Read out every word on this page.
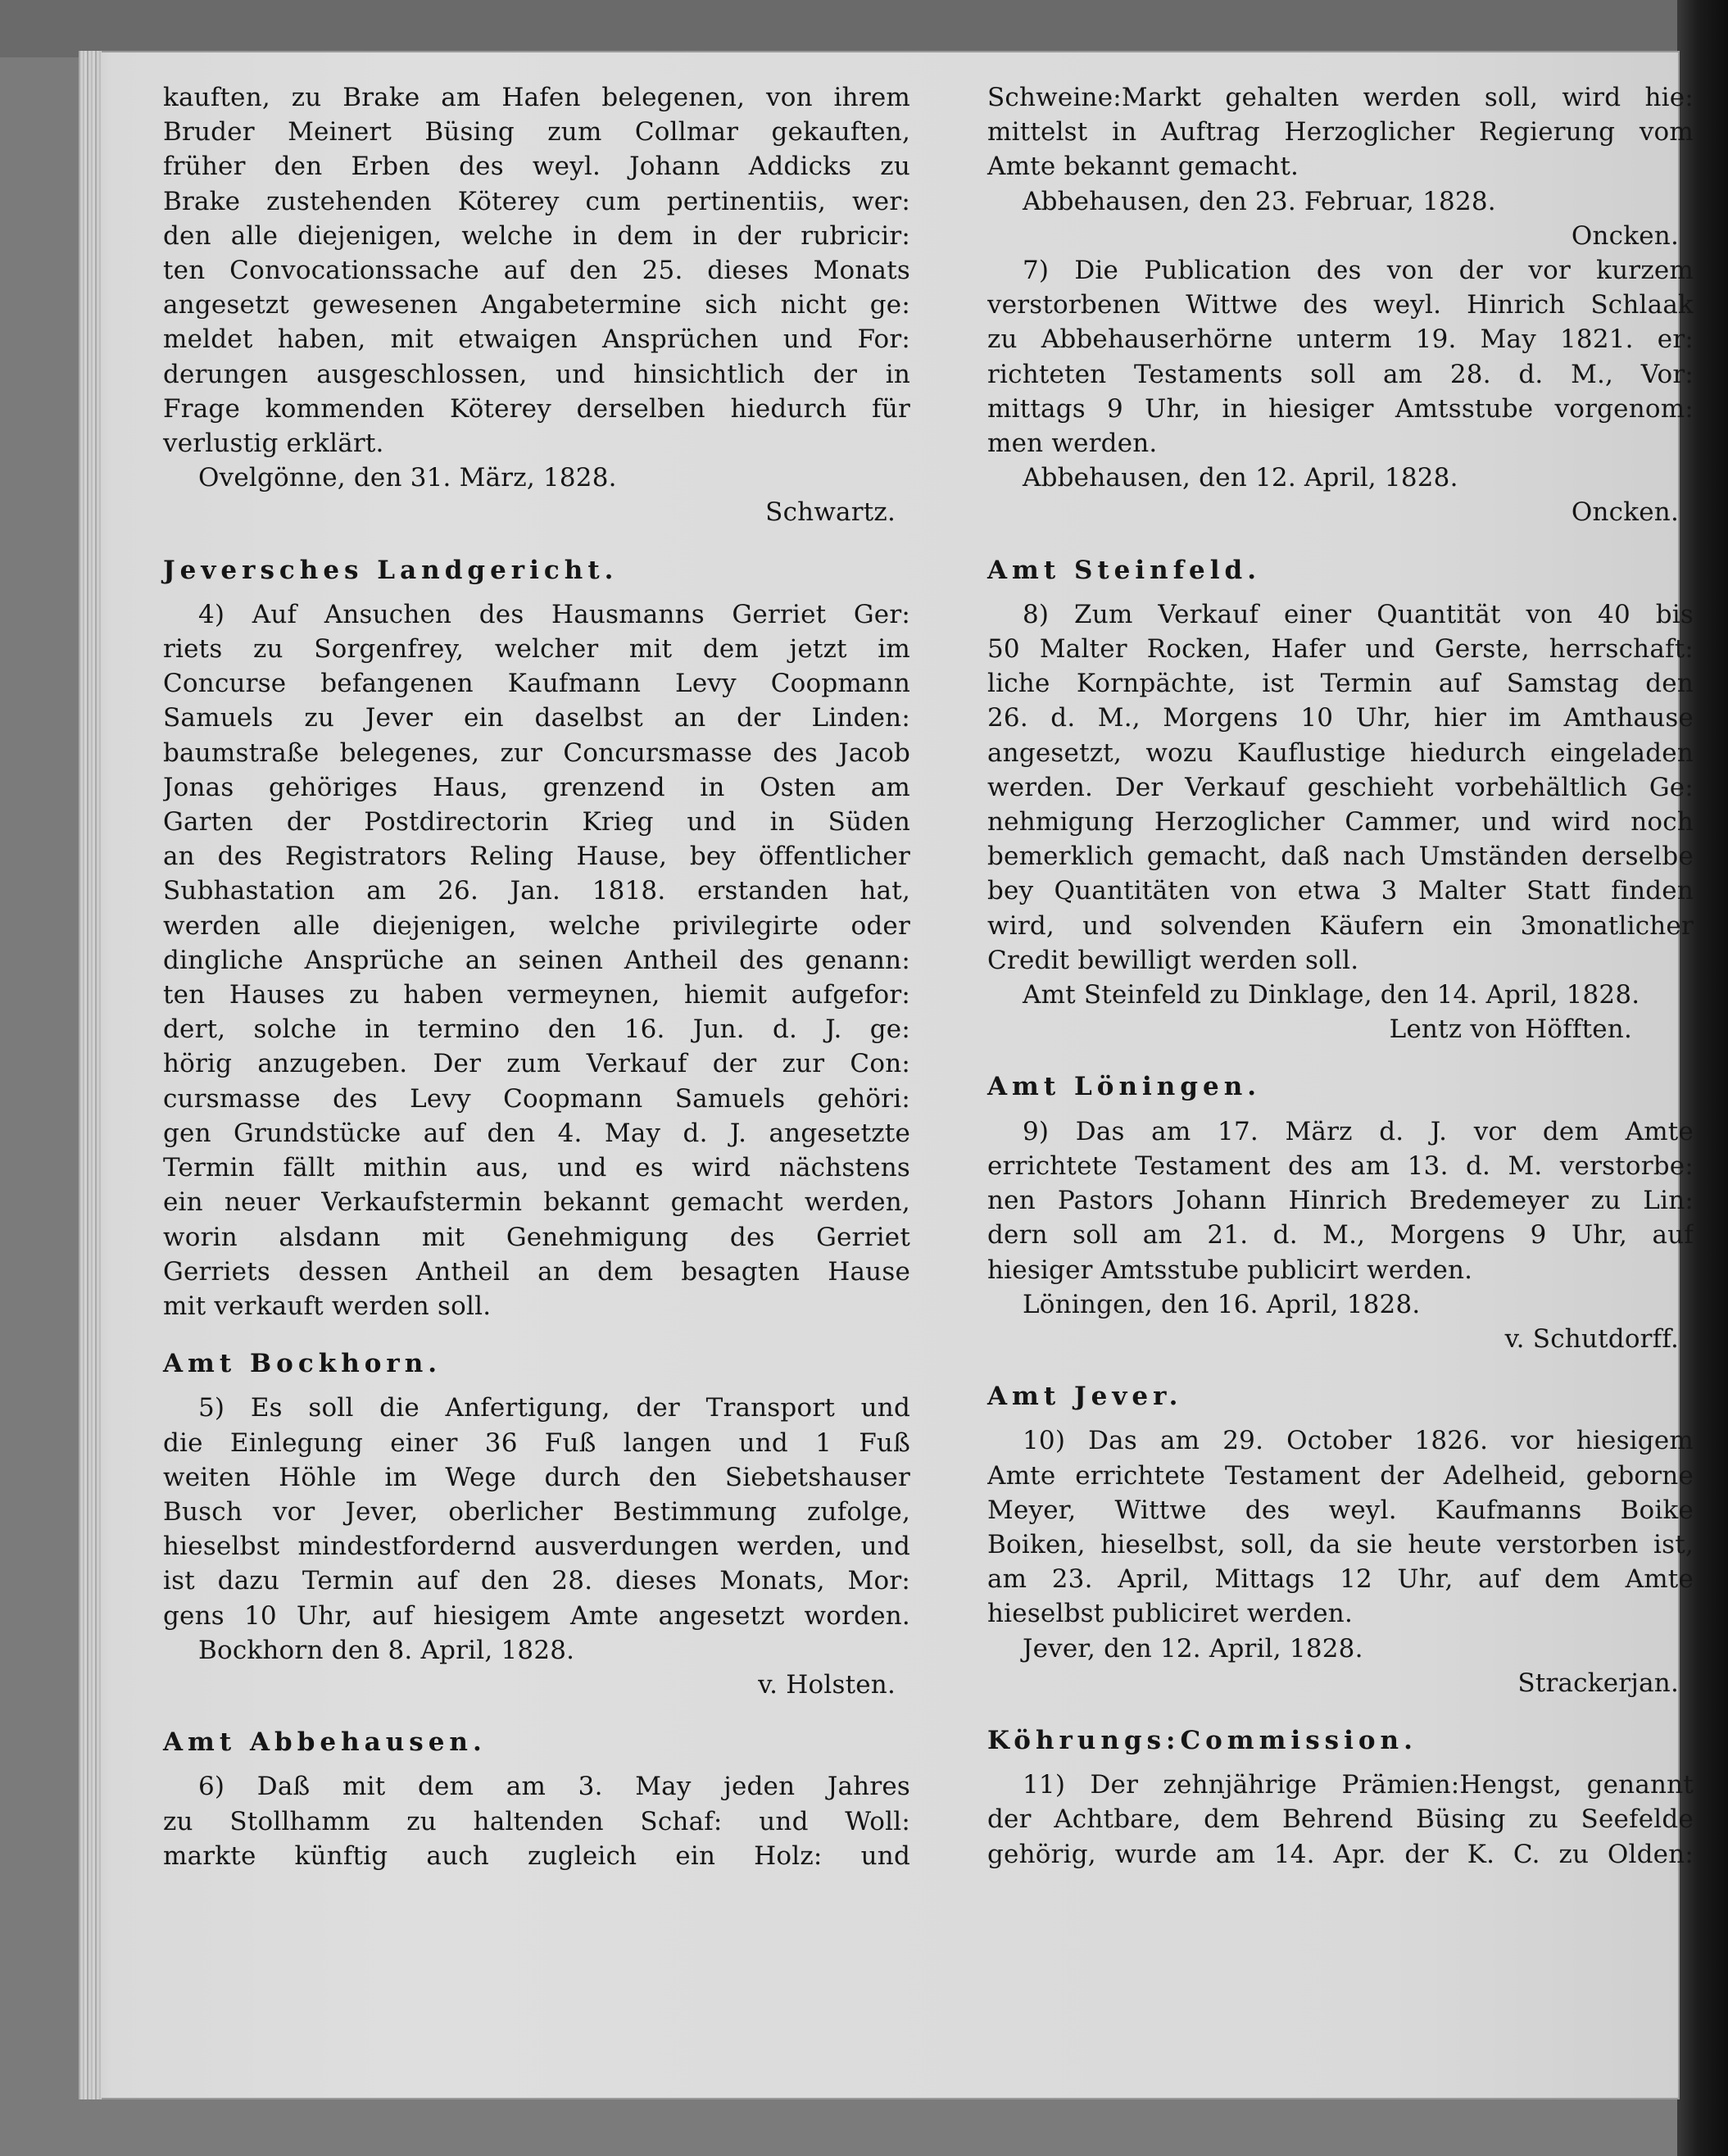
kauften, zu Brake am Hafen belegenen, von ihrem
Bruder Meinert Büsing zum Collmar gekauften,
früher den Erben des weyl. Johann Addicks zu
Brake zustehenden Köterey cum pertinentiis, wer:
den alle diejenigen, welche in dem in der rubricir:
ten Convocationssache auf den 25. dieses Monats
angesetzt gewesenen Angabetermine sich nicht ge:
meldet haben, mit etwaigen Ansprüchen und For:
derungen ausgeschlossen, und hinsichtlich der in
Frage kommenden Köterey derselben hiedurch für
verlustig erklärt.
Ovelgönne, den 31. März, 1828.
Schwartz.
Jeversches Landgericht.
4) Auf Ansuchen des Hausmanns Gerriet Ger:
riets zu Sorgenfrey, welcher mit dem jetzt im
Concurse befangenen Kaufmann Levy Coopmann
Samuels zu Jever ein daselbst an der Linden:
baumstraße belegenes, zur Concursmasse des Jacob
Jonas gehöriges Haus, grenzend in Osten am
Garten der Postdirectorin Krieg und in Süden
an des Registrators Reling Hause, bey öffentlicher
Subhastation am 26. Jan. 1818. erstanden hat,
werden alle diejenigen, welche privilegirte oder
dingliche Ansprüche an seinen Antheil des genann:
ten Hauses zu haben vermeynen, hiemit aufgefor:
dert, solche in termino den 16. Jun. d. J. ge:
hörig anzugeben. Der zum Verkauf der zur Con:
cursmasse des Levy Coopmann Samuels gehöri:
gen Grundstücke auf den 4. May d. J. angesetzte
Termin fällt mithin aus, und es wird nächstens
ein neuer Verkaufstermin bekannt gemacht werden,
worin alsdann mit Genehmigung des Gerriet
Gerriets dessen Antheil an dem besagten Hause
mit verkauft werden soll.
Amt Bockhorn.
5) Es soll die Anfertigung, der Transport und
die Einlegung einer 36 Fuß langen und 1 Fuß
weiten Höhle im Wege durch den Siebetshauser
Busch vor Jever, oberlicher Bestimmung zufolge,
hieselbst mindestfordernd ausverdungen werden, und
ist dazu Termin auf den 28. dieses Monats, Mor:
gens 10 Uhr, auf hiesigem Amte angesetzt worden.
Bockhorn den 8. April, 1828.
v. Holsten.
Amt Abbehausen.
6) Daß mit dem am 3. May jeden Jahres
zu Stollhamm zu haltenden Schaf: und Woll:
markte künftig auch zugleich ein Holz: und
Schweine:Markt gehalten werden soll, wird hie:
mittelst in Auftrag Herzoglicher Regierung vom
Amte bekannt gemacht.
Abbehausen, den 23. Februar, 1828.
Oncken.
7) Die Publication des von der vor kurzem
verstorbenen Wittwe des weyl. Hinrich Schlaak
zu Abbehauserhörne unterm 19. May 1821. er:
richteten Testaments soll am 28. d. M., Vor:
mittags 9 Uhr, in hiesiger Amtsstube vorgenom:
men werden.
Abbehausen, den 12. April, 1828.
Oncken.
Amt Steinfeld.
8) Zum Verkauf einer Quantität von 40 bis
50 Malter Rocken, Hafer und Gerste, herrschaft:
liche Kornpächte, ist Termin auf Samstag den
26. d. M., Morgens 10 Uhr, hier im Amthause
angesetzt, wozu Kauflustige hiedurch eingeladen
werden. Der Verkauf geschieht vorbehältlich Ge:
nehmigung Herzoglicher Cammer, und wird noch
bemerklich gemacht, daß nach Umständen derselbe
bey Quantitäten von etwa 3 Malter Statt finden
wird, und solvenden Käufern ein 3monatlicher
Credit bewilligt werden soll.
Amt Steinfeld zu Dinklage, den 14. April, 1828.
Lentz von Höfften.
Amt Löningen.
9) Das am 17. März d. J. vor dem Amte
errichtete Testament des am 13. d. M. verstorbe:
nen Pastors Johann Hinrich Bredemeyer zu Lin:
dern soll am 21. d. M., Morgens 9 Uhr, auf
hiesiger Amtsstube publicirt werden.
Löningen, den 16. April, 1828.
v. Schutdorff.
Amt Jever.
10) Das am 29. October 1826. vor hiesigem
Amte errichtete Testament der Adelheid, geborne
Meyer, Wittwe des weyl. Kaufmanns Boike
Boiken, hieselbst, soll, da sie heute verstorben ist,
am 23. April, Mittags 12 Uhr, auf dem Amte
hieselbst publiciret werden.
Jever, den 12. April, 1828.
Strackerjan.
Köhrungs:Commission.
11) Der zehnjährige Prämien:Hengst, genannt
der Achtbare, dem Behrend Büsing zu Seefelde
gehörig, wurde am 14. Apr. der K. C. zu Olden:
